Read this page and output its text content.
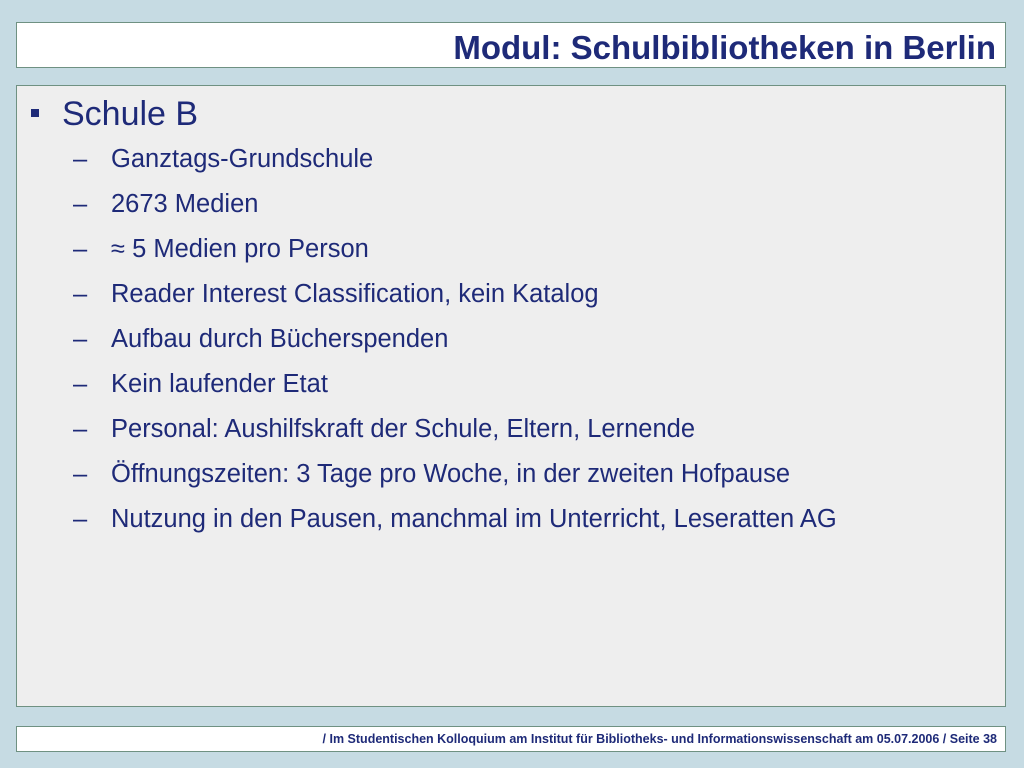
Modul: Schulbibliotheken in Berlin
Schule B
– Ganztags-Grundschule
– 2673 Medien
– ≈ 5 Medien pro Person
– Reader Interest Classification, kein Katalog
– Aufbau durch Bücherspenden
– Kein laufender Etat
– Personal: Aushilfskraft der Schule, Eltern, Lernende
– Öffnungszeiten: 3 Tage pro Woche, in der zweiten Hofpause
– Nutzung in den Pausen, manchmal im Unterricht, Leseratten AG
/ Im Studentischen Kolloquium am Institut für Bibliotheks- und Informationswissenschaft am 05.07.2006 / Seite 38
